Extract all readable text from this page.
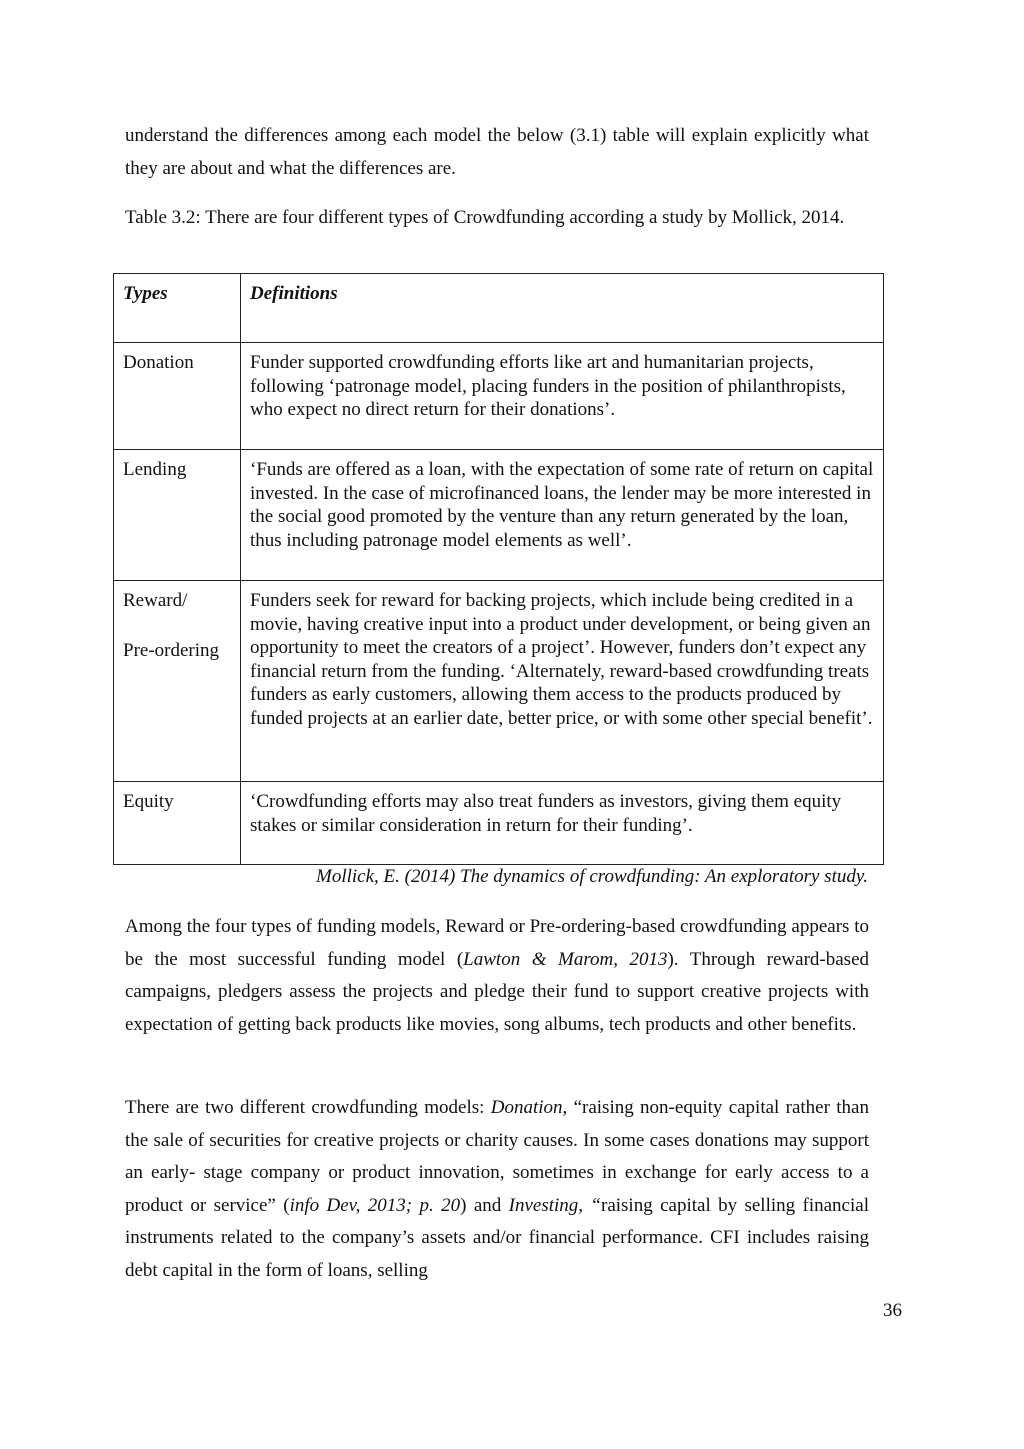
understand the differences among each model the below (3.1) table will explain explicitly what they are about and what the differences are.

Table 3.2: There are four different types of Crowdfunding according a study by Mollick, 2014.

Types	Definitions
Donation	Funder supported crowdfunding efforts like art and humanitarian projects, following ‘patronage model, placing funders in the position of philanthropists, who expect no direct return for their donations’.
Lending	‘Funds are offered as a loan, with the expectation of some rate of return on capital invested. In the case of microfinanced loans, the lender may be more interested in the social good promoted by the venture than any return generated by the loan, thus including patronage model elements as well’.
Reward/
Pre-ordering	Funders seek for reward for backing projects, which include being credited in a movie, having creative input into a product under development, or being given an opportunity to meet the creators of a project’. However, funders don’t expect any financial return from the funding. ‘Alternately, reward-based crowdfunding treats funders as early customers, allowing them access to the products produced by funded projects at an earlier date, better price, or with some other special benefit’.
Equity	‘Crowdfunding efforts may also treat funders as investors, giving them equity stakes or similar consideration in return for their funding’.

Mollick, E. (2014) The dynamics of crowdfunding: An exploratory study.

Among the four types of funding models, Reward or Pre-ordering-based crowdfunding appears to be the most successful funding model (Lawton & Marom, 2013). Through reward-based campaigns, pledgers assess the projects and pledge their fund to support creative projects with expectation of getting back products like movies, song albums, tech products and other benefits.

There are two different crowdfunding models: Donation, “raising non-equity capital rather than the sale of securities for creative projects or charity causes. In some cases donations may support an early- stage company or product innovation, sometimes in exchange for early access to a product or service” (info Dev, 2013; p. 20) and Investing, “raising capital by selling financial instruments related to the company’s assets and/or financial performance. CFI includes raising debt capital in the form of loans, selling

36
